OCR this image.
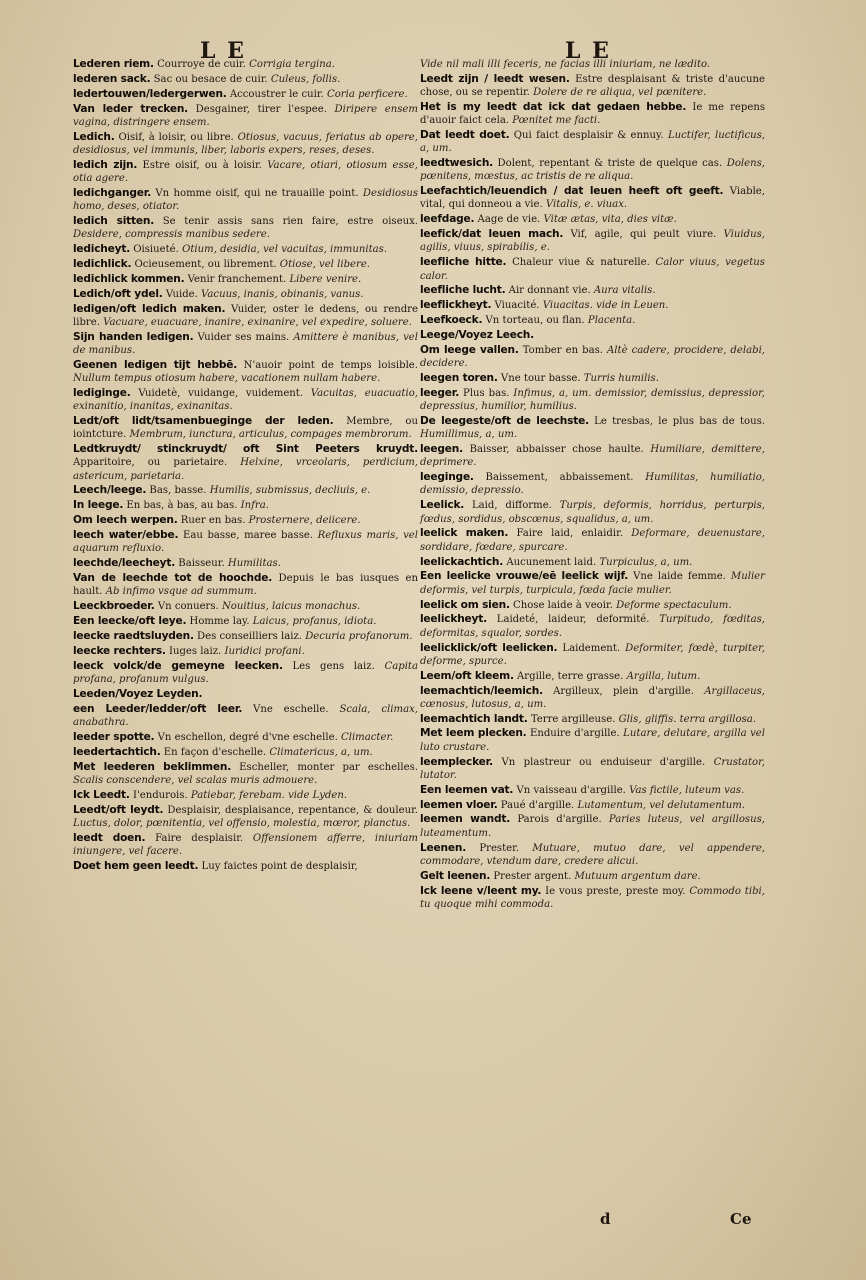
L E	L E
Lederen riem. Courroye de cuir. Corrigia tergina.
lederen sack. Sac ou besace de cuir. Culeus, follis.
ledertouwen/ledergerwen. Accoustrer le cuir. Coria perficere.
Van leder trecken. Desgainer, tirer l'espee. Diripere ensem vagina, distringere ensem.
Ledich. Oisif, à loisir, ou libre. Otiosus, vacuus, feriatus ab opere, desidiosus, vel immunis, liber, laboris expers, reses, deses.
ledich zijn. Estre oisif, ou à loisir. Vacare, otiari, otiosum esse, otia agere.
ledichganger. Vn homme oisif, qui ne trauaille point. Desidiosus homo, deses, otiator.
ledich sitten. Se tenir assis sans rien faire, estre oiseux. Desidere, compressis manibus sedere.
ledicheyt. Oisiueté. Otium, desidia, vel vacuitas, immunitas.
ledichlick. Ocieusement, ou librement. Otiose, vel libere.
ledichlick kommen. Venir franchement. Libere venire.
Ledich/oft ydel. Vuide. Vacuus, inanis, obinanis, vanus.
ledigen/oft ledich maken. Vuider, oster le dedens, ou rendre libre. Vacuare, euacuare, inanire, exinanire, vel expedire, soluere.
Sijn handen ledigen. Vuider ses mains. Amittere è manibus, vel de manibus.
Geenen ledigen tijt hebbē. N'auoir point de temps loisible. Nullum tempus otiosum habere, vacationem nullam habere.
ledіginge. Vuidetè, vuidange, vuidement. Vacuitas, euacuatio, exinanitio, inanitas, exinanitas.
Ledt/oft lidt/tsamenbueginge der leden. Membre, ou iointcture. Membrum, iunctura, articulus, compages membrorum.
Ledtkruydt/ stinckruydt/ oft Sint Peeters kruydt. Apparitoire, ou parietaire. Helxine, vrceolaris, perdicium, astericum, parietaria.
Leech/leege. Bas, basse. Humilis, submissus, decliuis, e.
In leege. En bas, à bas, au bas. Infra.
Om leech werpen. Ruer en bas. Prosternere, deiicere.
leech water/ebbe. Eau basse, maree basse. Refluxus maris, vel aquarum refluxio.
leechde/leecheyt. Baisseur. Humilitas.
Van de leechde tot de hoochde. Depuis le bas iusques en hault. Ab infimo vsque ad summum.
Leeckbroeder. Vn conuers. Nouitius, laicus monachus.
Een leecke/oft leye. Homme lay. Laicus, profanus, idiota.
leecke raedtsluyden. Des conseilliers laiz. Decuria profanorum.
leecke rechters. Iuges laiz. Iuridici profani.
leeck volck/de gemeyne leecken. Les gens laiz. Capita profana, profanum vulgus.
Leeden/Voyez Leyden.
een Leeder/ledder/oft leer. Vne eschelle. Scala, climax, anabathra.
leeder spotte. Vn eschellon, degré d'vne eschelle. Climacter.
leedertachtich. En façon d'eschelle. Climatericus, a, um.
Met leederen beklimmen. Escheller, monter par eschelles. Scalis conscendere, vel scalas muris admouere.
Ick Leedt. I'endurois. Patiebar, ferebam. vide Lyden.
Leedt/oft leydt. Desplaisir, desplaisance, repentance, & douleur. Luctus, dolor, pœnitentia, vel offensio, molestia, mœror, planctus.
leedt doen. Faire desplaisir. Offensionem afferre, iniuriam iniungere, vel facere.
Doet hem geen leedt. Luy faictes point de desplaisir,
Vide nil mali illi feceris, ne facias illi iniuriam, ne lædito.
Leedt zijn / leedt wesen. Estre desplaisant & triste d'aucune chose, ou se repentir. Dolere de re aliqua, vel pœnitere.
Het is my leedt dat ick dat gedaen hebbe. Ie me repens d'auoir faict cela. Pœnitet me facti.
Dat leedt doet. Qui faict desplaisir & ennuy. Luctifer, luctificus, a, um.
leedtwesich. Dolent, repentant & triste de quelque cas. Dolens, pœnitens, mœstus, ac tristis de re aliqua.
Leefachtich/leuendich / dat leuen heeft oft geeft. Viable, vital, qui donneou a vie. Vitalis, e. viuax.
leefdage. Aage de vie. Vitæ ætas, vita, dies vitæ.
leefick/dat leuen mach. Vif, agile, qui peult viure. Viuidus, agilis, viuus, spirabilis, e.
leefliche hitte. Chaleur viue & naturelle. Calor viuus, vegetus calor.
leefliche lucht. Air donnant vie. Aura vitalis.
leeflickheyt. Viuacité. Viuacitas. vide in Leuen.
Leefkoeck. Vn torteau, ou flan. Placenta.
Leege/Voyez Leech.
Om leege vallen. Tomber en bas. Altè cadere, procidere, delabi, decidere.
leegen toren. Vne tour basse. Turris humilis.
leeger. Plus bas. Infimus, a, um. demissior, demissius, depressior, depressius, humilior, humilius.
De leegeste/oft de leechste. Le tresbas, le plus bas de tous. Humillimus, a, um.
leegen. Baisser, abbaisser chose haulte. Humiliare, demittere, deprimere.
leeginge. Baissement, abbaissement. Humilitas, humiliatio, demissio, depressio.
Leelick. Laid, difforme. Turpis, deformis, horridus, perturpis, fœdus, sordidus, obscœnus, squalidus, a, um.
leelick maken. Faire laid, enlaidir. Deformare, deuenustare, sordidare, fœdare, spurcare.
leelickachtich. Aucunement laid. Turpiculus, a, um.
Een leelicke vrouwe/eē leelick wijf. Vne laide femme. Mulier deformis, vel turpis, turpicula, fœda facie mulier.
leelick om sien. Chose laide à veoir. Deforme spectaculum.
leelickheyt. Laideté, laideur, deformité. Turpitudo, fœditas, deformitas, squalor, sordes.
leelicklick/oft leelicken. Laidement. Deformiter, fœdè, turpiter, deforme, spurce.
Leem/oft kleem. Argille, terre grasse. Argilla, lutum.
leemachtich/leemich. Argilleux, plein d'argille. Argillaceus, cœnosus, lutosus, a, um.
leemachtich landt. Terre argilleuse. Glis, gliffis. terra argillosa.
Met leem plecken. Enduire d'argille. Lutare, delutare, argilla vel luto crustare.
leemplecker. Vn plastreur ou enduiseur d'argille. Crustator, lutator.
Een leemen vat. Vn vaisseau d'argille. Vas fictile, luteum vas.
leemen vloer. Paué d'argille. Lutamentum, vel delutamentum.
leemen wandt. Parois d'argille. Paries luteus, vel argillosus, luteamentum.
Leenen. Prester. Mutuare, mutuo dare, vel appendere, commodare, vtendum dare, credere alicui.
Gelt leenen. Prester argent. Mutuum argentum dare.
Ick leene v/leent my. Ie vous preste, preste moy. Commodo tibi, tu quoque mihi commoda.
d	Ce
